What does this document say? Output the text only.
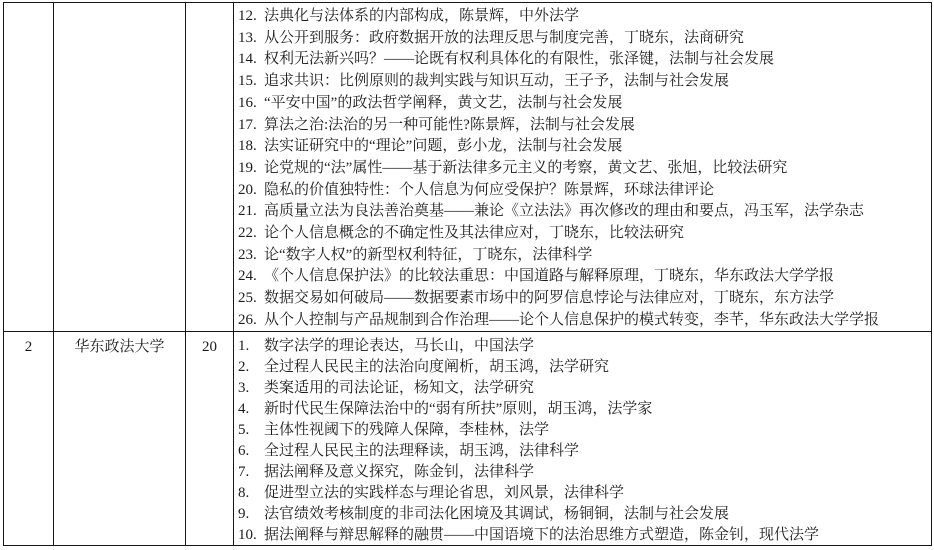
12. 法典化与法体系的内部构成，陈景辉，中外法学
13. 从公开到服务：政府数据开放的法理反思与制度完善，丁晓东，法商研究
14. 权利无法新兴吗？——论既有权利具体化的有限性，张泽键，法制与社会发展
15. 追求共识：比例原则的裁判实践与知识互动，王子予，法制与社会发展
16. “平安中国”的政法哲学阐释，黄文艺，法制与社会发展
17. 算法之治:法治的另一种可能性?陈景辉，法制与社会发展
18. 法实证研究中的“理论”问题，彭小龙，法制与社会发展
19. 论党规的“法”属性——基于新法律多元主义的考察，黄文艺、张旭，比较法研究
20. 隐私的价值独特性：个人信息为何应受保护？陈景辉，环球法律评论
21. 高质量立法为良法善治奠基——兼论《立法法》再次修改的理由和要点，冯玉军，法学杂志
22. 论个人信息概念的不确定性及其法律应对，丁晓东，比较法研究
23. 论“数字人权”的新型权利特征，丁晓东，法律科学
24. 《个人信息保护法》的比较法重思：中国道路与解释原理，丁晓东，华东政法大学学报
25. 数据交易如何破局——数据要素市场中的阿罗信息悖论与法律应对，丁晓东，东方法学
26. 从个人控制与产品规制到合作治理——论个人信息保护的模式转变，李芊，华东政法大学学报
2	华东政法大学	20	1. 数字法学的理论表达，马长山，中国法学
2. 全过程人民民主的法治向度阐析，胡玉鸿，法学研究
3. 类案适用的司法论证，杨知文，法学研究
4. 新时代民生保障法治中的“弱有所扶”原则，胡玉鸿，法学家
5. 主体性视阈下的残障人保障，李桂林，法学
6. 全过程人民民主的法理释读，胡玉鸿，法律科学
7. 据法阐释及意义探究，陈金钊，法律科学
8. 促进型立法的实践样态与理论省思，刘风景，法律科学
9. 法官绩效考核制度的非司法化困境及其调试，杨铜铜，法制与社会发展
10. 据法阐释与辩思解释的融贯——中国语境下的法治思维方式塑造，陈金钊，现代法学
